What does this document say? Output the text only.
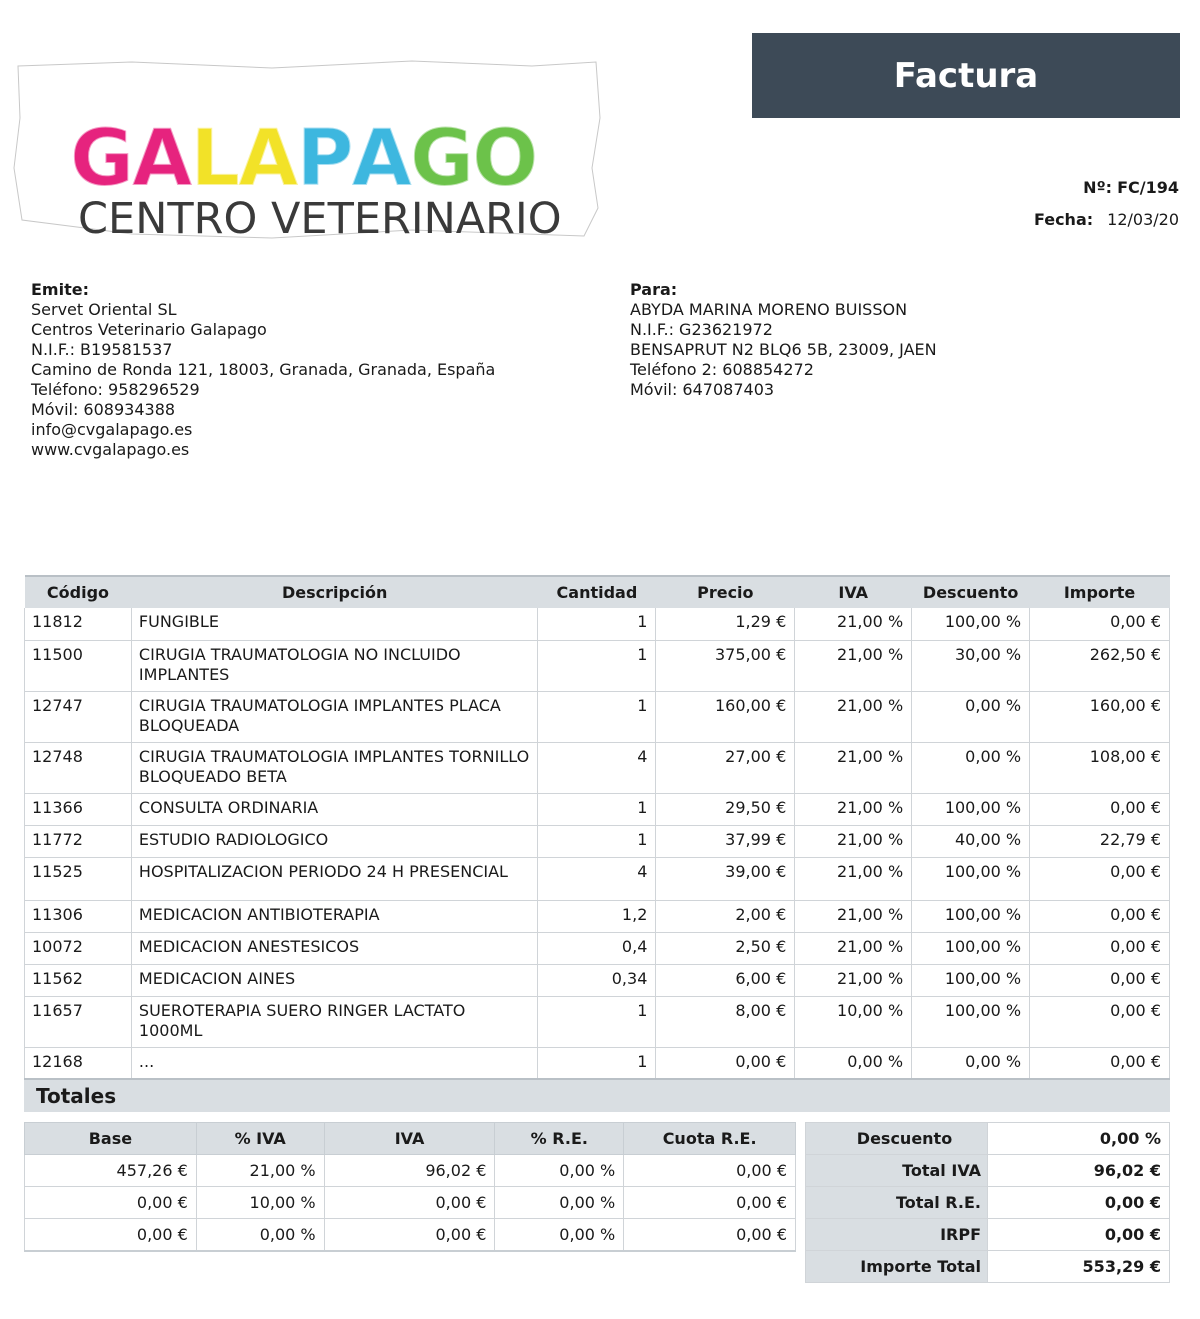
G A L A P A G O
CENTRO VETERINARIO
Factura
Nº: FC/194
Fecha: 12/03/20
Emite:
Servet Oriental SL
Centros Veterinario Galapago
N.I.F.: B19581537
Camino de Ronda 121, 18003, Granada, Granada, España
Teléfono: 958296529
Móvil: 608934388
info@cvgalapago.es
www.cvgalapago.es
Para:
ABYDA MARINA MORENO BUISSON
N.I.F.: G23621972
BENSAPRUT N2 BLQ6 5B, 23009, JAEN
Teléfono 2: 608854272
Móvil: 647087403
Código	Descripción	Cantidad	Precio	IVA	Descuento	Importe
11812	FUNGIBLE	1	1,29 €	21,00 %	100,00 %	0,00 €
11500	CIRUGIA TRAUMATOLOGIA NO INCLUIDO IMPLANTES	1	375,00 €	21,00 %	30,00 %	262,50 €
12747	CIRUGIA TRAUMATOLOGIA IMPLANTES PLACA BLOQUEADA	1	160,00 €	21,00 %	0,00 %	160,00 €
12748	CIRUGIA TRAUMATOLOGIA IMPLANTES TORNILLO BLOQUEADO BETA	4	27,00 €	21,00 %	0,00 %	108,00 €
11366	CONSULTA ORDINARIA	1	29,50 €	21,00 %	100,00 %	0,00 €
11772	ESTUDIO RADIOLOGICO	1	37,99 €	21,00 %	40,00 %	22,79 €
11525	HOSPITALIZACION PERIODO 24 H PRESENCIAL	4	39,00 €	21,00 %	100,00 %	0,00 €
11306	MEDICACION ANTIBIOTERAPIA	1,2	2,00 €	21,00 %	100,00 %	0,00 €
10072	MEDICACION ANESTESICOS	0,4	2,50 €	21,00 %	100,00 %	0,00 €
11562	MEDICACION AINES	0,34	6,00 €	21,00 %	100,00 %	0,00 €
11657	SUEROTERAPIA SUERO RINGER LACTATO 1000ML	1	8,00 €	10,00 %	100,00 %	0,00 €
12168	...	1	0,00 €	0,00 %	0,00 %	0,00 €
Totales
Base	% IVA	IVA	% R.E.	Cuota R.E.
457,26 €	21,00 %	96,02 €	0,00 %	0,00 €
0,00 €	10,00 %	0,00 €	0,00 %	0,00 €
0,00 €	0,00 %	0,00 €	0,00 %	0,00 €
Descuento	0,00 %
Total IVA	96,02 €
Total R.E.	0,00 €
IRPF	0,00 €
Importe Total	553,29 €
